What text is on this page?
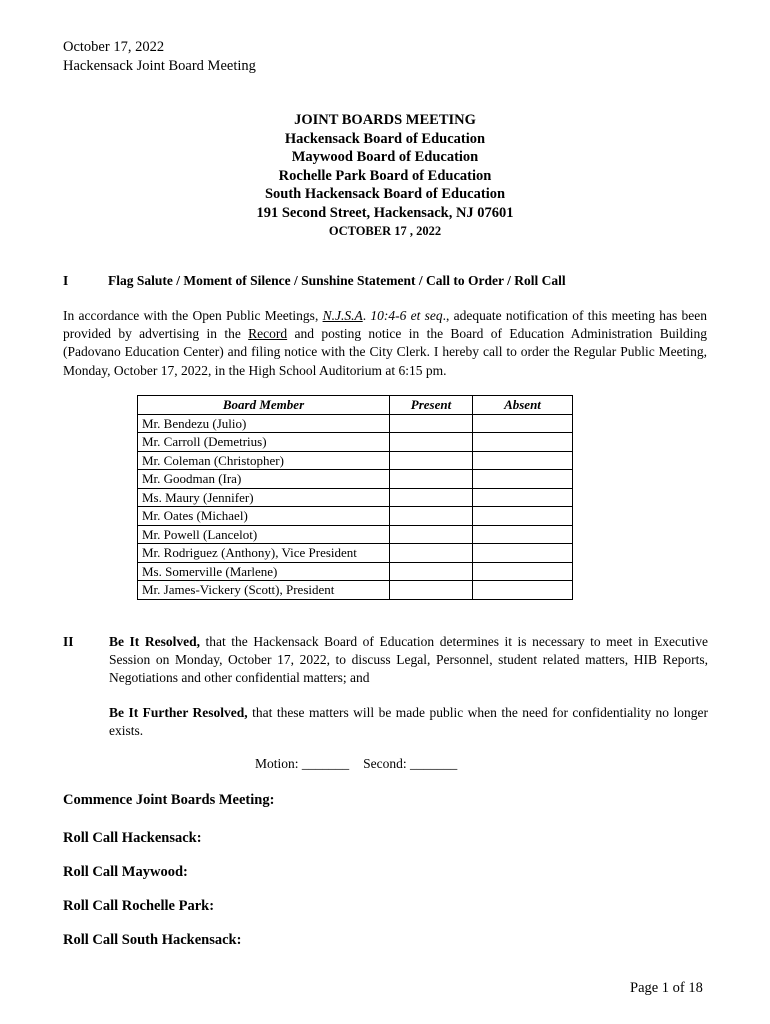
October 17, 2022
Hackensack Joint Board Meeting
JOINT BOARDS MEETING
Hackensack Board of Education
Maywood Board of Education
Rochelle Park Board of Education
South Hackensack Board of Education
191 Second Street, Hackensack, NJ 07601
OCTOBER 17 , 2022
I	Flag Salute / Moment of Silence / Sunshine Statement / Call to Order / Roll Call
In accordance with the Open Public Meetings, N.J.S.A. 10:4-6 et seq., adequate notification of this meeting has been provided by advertising in the Record and posting notice in the Board of Education Administration Building (Padovano Education Center) and filing notice with the City Clerk. I hereby call to order the Regular Public Meeting, Monday, October 17, 2022, in the High School Auditorium at 6:15 pm.
Board Member	Present	Absent
Mr. Bendezu (Julio)		
Mr. Carroll (Demetrius)		
Mr. Coleman (Christopher)		
Mr. Goodman (Ira)		
Ms. Maury (Jennifer)		
Mr. Oates (Michael)		
Mr. Powell (Lancelot)		
Mr. Rodriguez (Anthony), Vice President		
Ms. Somerville (Marlene)		
Mr. James-Vickery (Scott), President		
II	Be It Resolved, that the Hackensack Board of Education determines it is necessary to meet in Executive Session on Monday, October 17, 2022, to discuss Legal, Personnel, student related matters, HIB Reports, Negotiations and other confidential matters; and
Be It Further Resolved, that these matters will be made public when the need for confidentiality no longer exists.
Motion: _______ Second: _______
Commence Joint Boards Meeting:
Roll Call Hackensack:
Roll Call Maywood:
Roll Call Rochelle Park:
Roll Call South Hackensack:
Page 1 of 18
